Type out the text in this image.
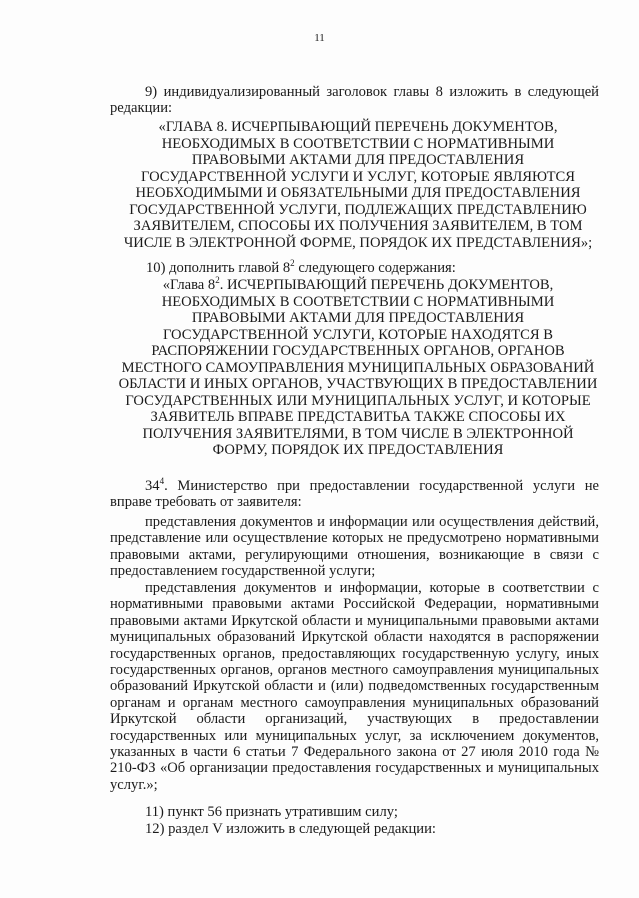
11
9) индивидуализированный заголовок главы 8 изложить в следующей редакции:
«ГЛАВА 8. ИСЧЕРПЫВАЮЩИЙ ПЕРЕЧЕНЬ ДОКУМЕНТОВ, НЕОБХОДИМЫХ В СООТВЕТСТВИИ С НОРМАТИВНЫМИ ПРАВОВЫМИ АКТАМИ ДЛЯ ПРЕДОСТАВЛЕНИЯ ГОСУДАРСТВЕННОЙ УСЛУГИ И УСЛУГ, КОТОРЫЕ ЯВЛЯЮТСЯ НЕОБХОДИМЫМИ И ОБЯЗАТЕЛЬНЫМИ ДЛЯ ПРЕДОСТАВЛЕНИЯ ГОСУДАРСТВЕННОЙ УСЛУГИ, ПОДЛЕЖАЩИХ ПРЕДСТАВЛЕНИЮ ЗАЯВИТЕЛЕМ, СПОСОБЫ ИХ ПОЛУЧЕНИЯ ЗАЯВИТЕЛЕМ, В ТОМ ЧИСЛЕ В ЭЛЕКТРОННОЙ ФОРМЕ, ПОРЯДОК ИХ ПРЕДСТАВЛЕНИЯ»;
10) дополнить главой $8^2$ следующего содержания:
«Глава $8^2$. ИСЧЕРПЫВАЮЩИЙ ПЕРЕЧЕНЬ ДОКУМЕНТОВ, НЕОБХОДИМЫХ В СООТВЕТСТВИИ С НОРМАТИВНЫМИ ПРАВОВЫМИ АКТАМИ ДЛЯ ПРЕДОСТАВЛЕНИЯ ГОСУДАРСТВЕННОЙ УСЛУГИ, КОТОРЫЕ НАХОДЯТСЯ В РАСПОРЯЖЕНИИ ГОСУДАРСТВЕННЫХ ОРГАНОВ, ОРГАНОВ МЕСТНОГО САМОУПРАВЛЕНИЯ МУНИЦИПАЛЬНЫХ ОБРАЗОВАНИЙ ОБЛАСТИ И ИНЫХ ОРГАНОВ, УЧАСТВУЮЩИХ В ПРЕДОСТАВЛЕНИИ ГОСУДАРСТВЕННЫХ ИЛИ МУНИЦИПАЛЬНЫХ УСЛУГ, И КОТОРЫЕ ЗАЯВИТЕЛЬ ВПРАВЕ ПРЕДСТАВИТЬА ТАКЖЕ СПОСОБЫ ИХ ПОЛУЧЕНИЯ ЗАЯВИТЕЛЯМИ, В ТОМ ЧИСЛЕ В ЭЛЕКТРОННОЙ ФОРМУ, ПОРЯДОК ИХ ПРЕДОСТАВЛЕНИЯ
$34^4$. Министерство при предоставлении государственной услуги не вправе требовать от заявителя:
представления документов и информации или осуществления действий, представление или осуществление которых не предусмотрено нормативными правовыми актами, регулирующими отношения, возникающие в связи с предоставлением государственной услуги;
представления документов и информации, которые в соответствии с нормативными правовыми актами Российской Федерации, нормативными правовыми актами Иркутской области и муниципальными правовыми актами муниципальных образований Иркутской области находятся в распоряжении государственных органов, предоставляющих государственную услугу, иных государственных органов, органов местного самоуправления муниципальных образований Иркутской области и (или) подведомственных государственным органам и органам местного самоуправления муниципальных образований Иркутской области организаций, участвующих в предоставлении государственных или муниципальных услуг, за исключением документов, указанных в части 6 статьи 7 Федерального закона от 27 июля 2010 года № 210-ФЗ «Об организации предоставления государственных и муниципальных услуг.»;
11) пункт 56 признать утратившим силу;
12) раздел V изложить в следующей редакции:
